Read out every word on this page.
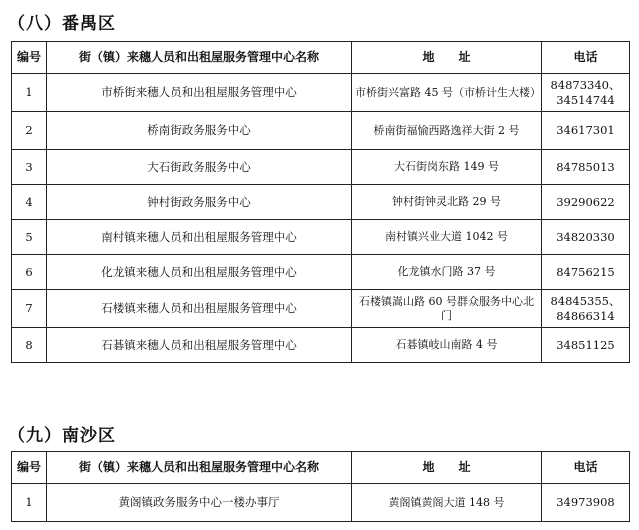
（八）番禺区
编号	街（镇）来穗人员和出租屋服务管理中心名称	地　　址	电话
1	市桥街来穗人员和出租屋服务管理中心	市桥街兴富路 45 号（市桥计生大楼）	84873340、34514744
2	桥南街政务服务中心	桥南街福愉西路逸祥大街 2 号	34617301
3	大石街政务服务中心	大石街岗东路 149 号	84785013
4	钟村街政务服务中心	钟村街钟灵北路 29 号	39290622
5	南村镇来穗人员和出租屋服务管理中心	南村镇兴业大道 1042 号	34820330
6	化龙镇来穗人员和出租屋服务管理中心	化龙镇水门路 37 号	84756215
7	石楼镇来穗人员和出租屋服务管理中心	石楼镇嵩山路 60 号群众服务中心北门	84845355、84866314
8	石碁镇来穗人员和出租屋服务管理中心	石碁镇岐山南路 4 号	34851125
（九）南沙区
编号	街（镇）来穗人员和出租屋服务管理中心名称	地　　址	电话
1	黄阁镇政务服务中心一楼办事厅	黄阁镇黄阁大道 148 号	34973908
